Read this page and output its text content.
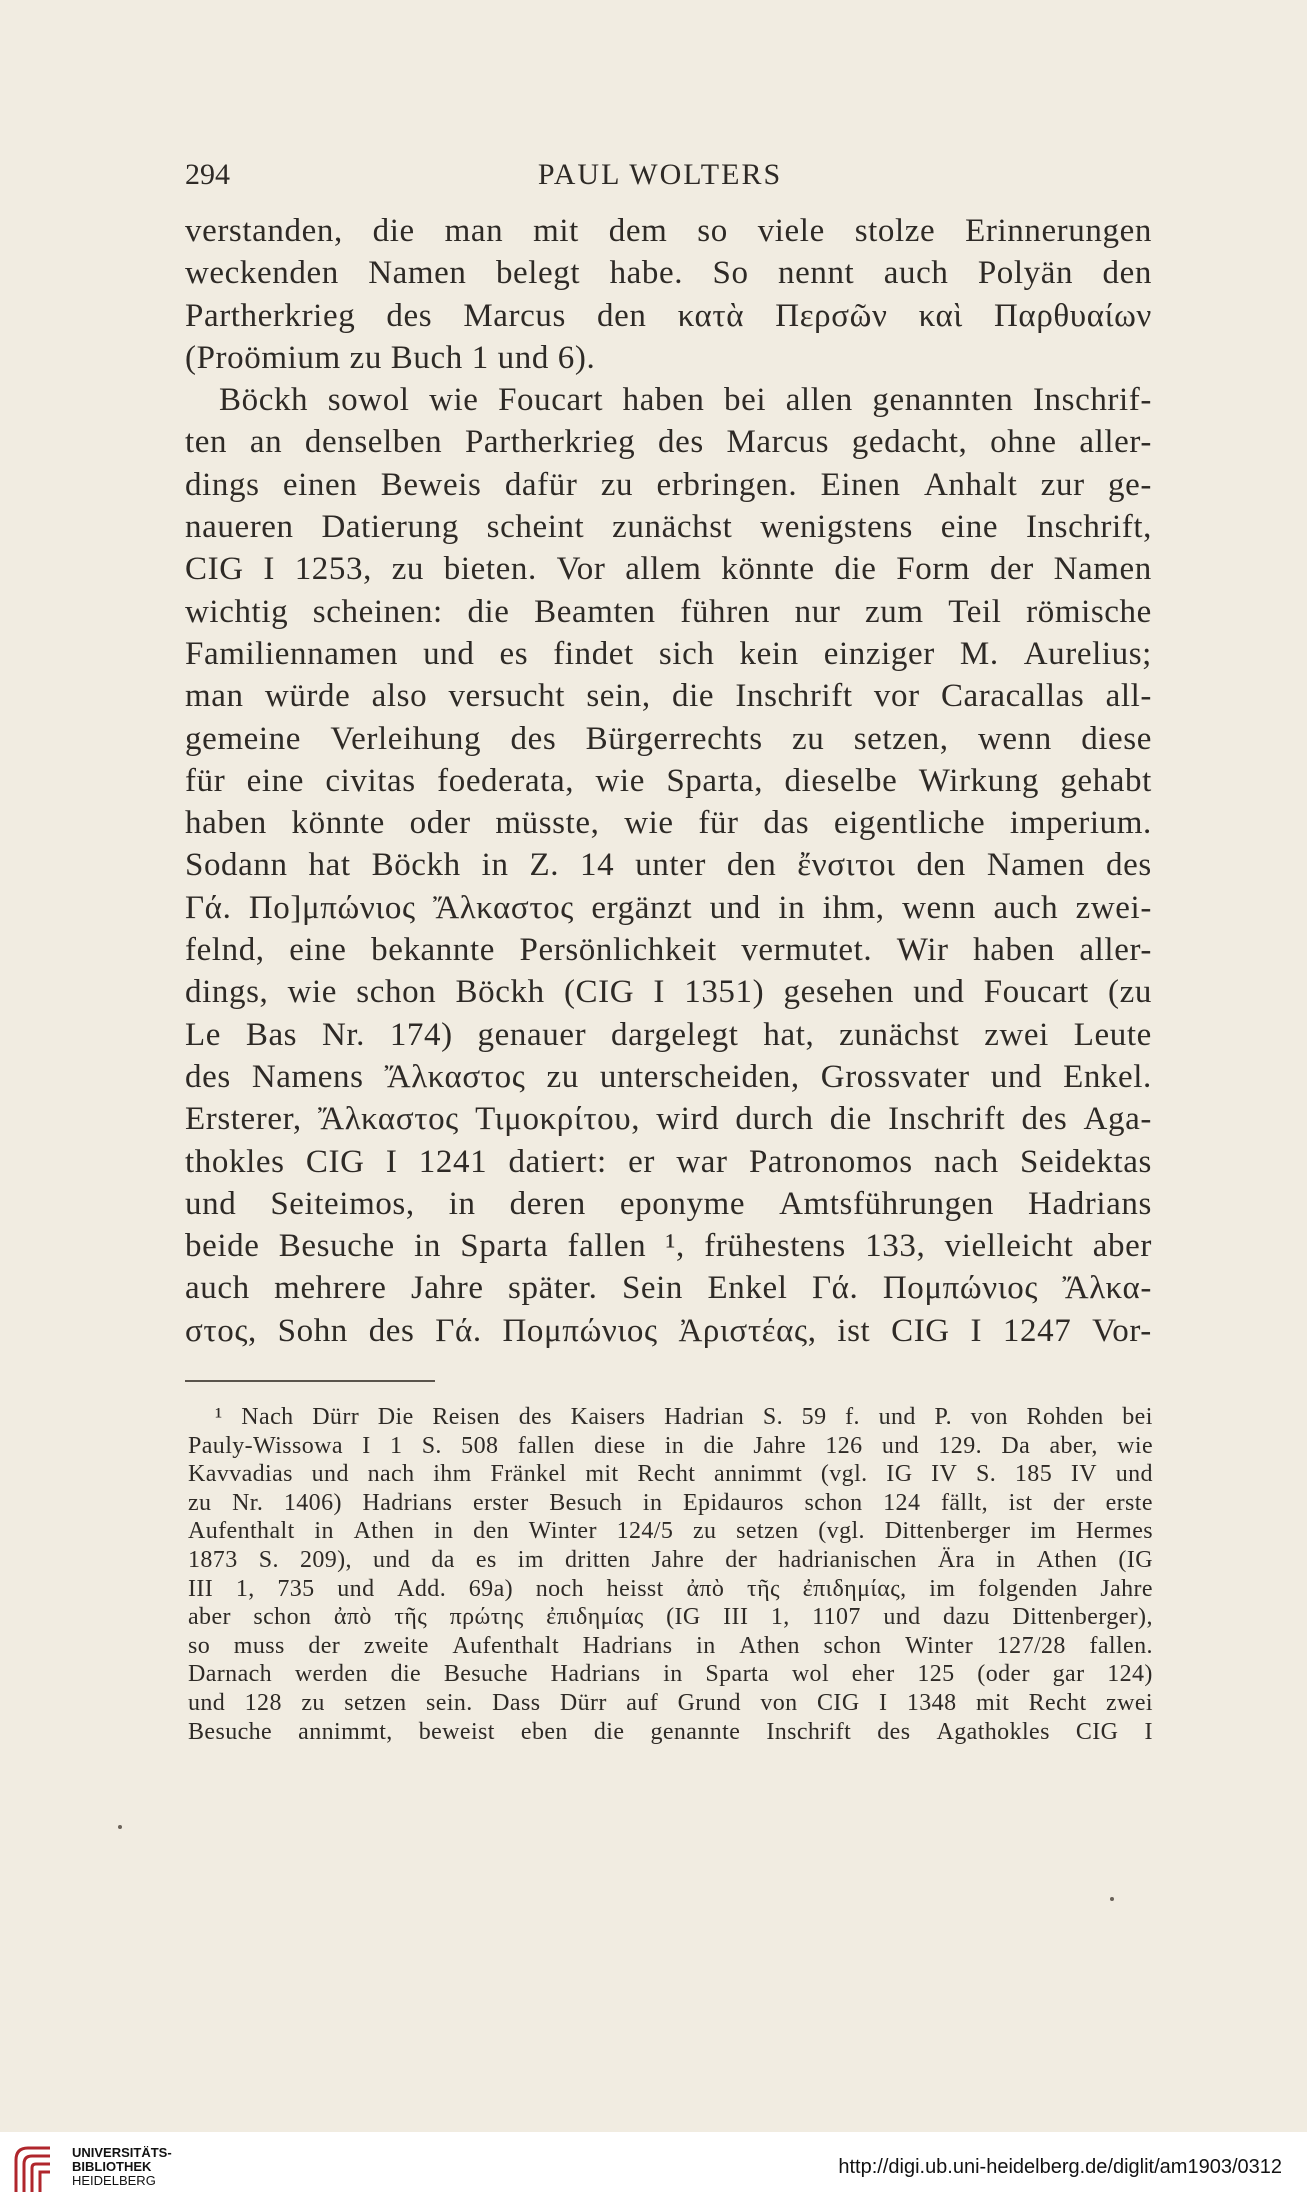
294	PAUL WOLTERS
verstanden, die man mit dem so viele stolze Erinnerungen
weckenden Namen belegt habe. So nennt auch Polyän den
Partherkrieg des Marcus den κατὰ Περσῶν καὶ Παρθυαίων
(Proömium zu Buch 1 und 6).
Böckh sowol wie Foucart haben bei allen genannten Inschrif-
ten an denselben Partherkrieg des Marcus gedacht, ohne aller-
dings einen Beweis dafür zu erbringen. Einen Anhalt zur ge-
naueren Datierung scheint zunächst wenigstens eine Inschrift,
CIG I 1253, zu bieten. Vor allem könnte die Form der Namen
wichtig scheinen: die Beamten führen nur zum Teil römische
Familiennamen und es findet sich kein einziger M. Aurelius;
man würde also versucht sein, die Inschrift vor Caracallas all-
gemeine Verleihung des Bürgerrechts zu setzen, wenn diese
für eine civitas foederata, wie Sparta, dieselbe Wirkung gehabt
haben könnte oder müsste, wie für das eigentliche imperium.
Sodann hat Böckh in Z. 14 unter den ἔνσιτοι den Namen des
Γά. Πο]μπώνιος Ἄλκαστος ergänzt und in ihm, wenn auch zwei-
felnd, eine bekannte Persönlichkeit vermutet. Wir haben aller-
dings, wie schon Böckh (CIG I 1351) gesehen und Foucart (zu
Le Bas Nr. 174) genauer dargelegt hat, zunächst zwei Leute
des Namens Ἄλκαστος zu unterscheiden, Grossvater und Enkel.
Ersterer, Ἄλκαστος Τιμοκρίτου, wird durch die Inschrift des Aga-
thokles CIG I 1241 datiert: er war Patronomos nach Seidektas
und Seiteimos, in deren eponyme Amtsführungen Hadrians
beide Besuche in Sparta fallen ¹, frühestens 133, vielleicht aber
auch mehrere Jahre später. Sein Enkel Γά. Πομπώνιος Ἄλκα-
στος, Sohn des Γά. Πομπώνιος Ἀριστέας, ist CIG I 1247 Vor-
¹ Nach Dürr Die Reisen des Kaisers Hadrian S. 59 f. und P. von Rohden bei
Pauly-Wissowa I 1 S. 508 fallen diese in die Jahre 126 und 129. Da aber, wie
Kavvadias und nach ihm Fränkel mit Recht annimmt (vgl. IG IV S. 185 IV und
zu Nr. 1406) Hadrians erster Besuch in Epidauros schon 124 fällt, ist der erste
Aufenthalt in Athen in den Winter 124/5 zu setzen (vgl. Dittenberger im Hermes
1873 S. 209), und da es im dritten Jahre der hadrianischen Ära in Athen (IG
III 1, 735 und Add. 69a) noch heisst ἀπὸ τῆς ἐπιδημίας, im folgenden Jahre
aber schon ἀπὸ τῆς πρώτης ἐπιδημίας (IG III 1, 1107 und dazu Dittenberger),
so muss der zweite Aufenthalt Hadrians in Athen schon Winter 127/28 fallen.
Darnach werden die Besuche Hadrians in Sparta wol eher 125 (oder gar 124)
und 128 zu setzen sein. Dass Dürr auf Grund von CIG I 1348 mit Recht zwei
Besuche annimmt, beweist eben die genannte Inschrift des Agathokles CIG I
UNIVERSITÄTS-
BIBLIOTHEK
HEIDELBERG
http://digi.ub.uni-heidelberg.de/diglit/am1903/0312
